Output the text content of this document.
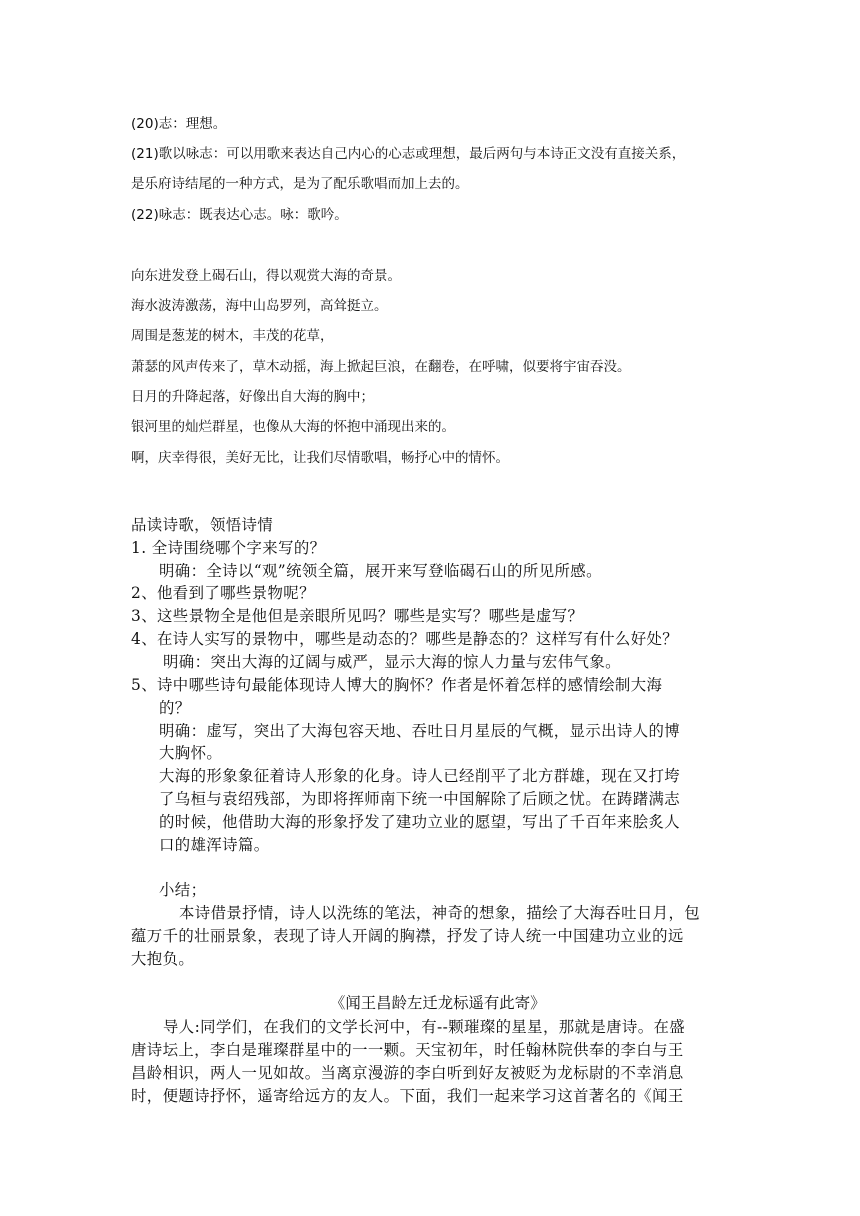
(20)志：理想。
(21)歌以咏志：可以用歌来表达自己内心的心志或理想，最后两句与本诗正文没有直接关系，
是乐府诗结尾的一种方式，是为了配乐歌唱而加上去的。
(22)咏志：既表达心志。咏：歌吟。
向东进发登上碣石山，得以观赏大海的奇景。
海水波涛激荡，海中山岛罗列，高耸挺立。
周围是葱茏的树木，丰茂的花草，
萧瑟的风声传来了，草木动摇，海上掀起巨浪，在翻卷，在呼啸，似要将宇宙吞没。
日月的升降起落，好像出自大海的胸中；
银河里的灿烂群星，也像从大海的怀抱中涌现出来的。
啊，庆幸得很，美好无比，让我们尽情歌唱，畅抒心中的情怀。
品读诗歌，领悟诗情
1. 全诗围绕哪个字来写的？
明确：全诗以“观”统领全篇，展开来写登临碣石山的所见所感。
2、他看到了哪些景物呢？
3、这些景物全是他但是亲眼所见吗？哪些是实写？哪些是虚写？
4、在诗人实写的景物中，哪些是动态的？哪些是静态的？这样写有什么好处？
明确：突出大海的辽阔与威严，显示大海的惊人力量与宏伟气象。
5、诗中哪些诗句最能体现诗人博大的胸怀？作者是怀着怎样的感情绘制大海
的？
明确：虚写，突出了大海包容天地、吞吐日月星辰的气概，显示出诗人的博
大胸怀。
大海的形象象征着诗人形象的化身。诗人已经削平了北方群雄，现在又打垮
了乌桓与袁绍残部，为即将挥师南下统一中国解除了后顾之忧。在踌躇满志
的时候，他借助大海的形象抒发了建功立业的愿望，写出了千百年来脍炙人
口的雄浑诗篇。
小结；
本诗借景抒情，诗人以洗练的笔法，神奇的想象，描绘了大海吞吐日月，包
蕴万千的壮丽景象，表现了诗人开阔的胸襟，抒发了诗人统一中国建功立业的远
大抱负。
《闻王昌龄左迁龙标遥有此寄》
导人:同学们，在我们的文学长河中，有--颗璀璨的星星，那就是唐诗。在盛
唐诗坛上，李白是璀璨群星中的一一颗。天宝初年，时任翰林院供奉的李白与王
昌龄相识，两人一见如故。当离京漫游的李白听到好友被贬为龙标尉的不幸消息
时，便题诗抒怀，遥寄给远方的友人。下面，我们一起来学习这首著名的《闻王
